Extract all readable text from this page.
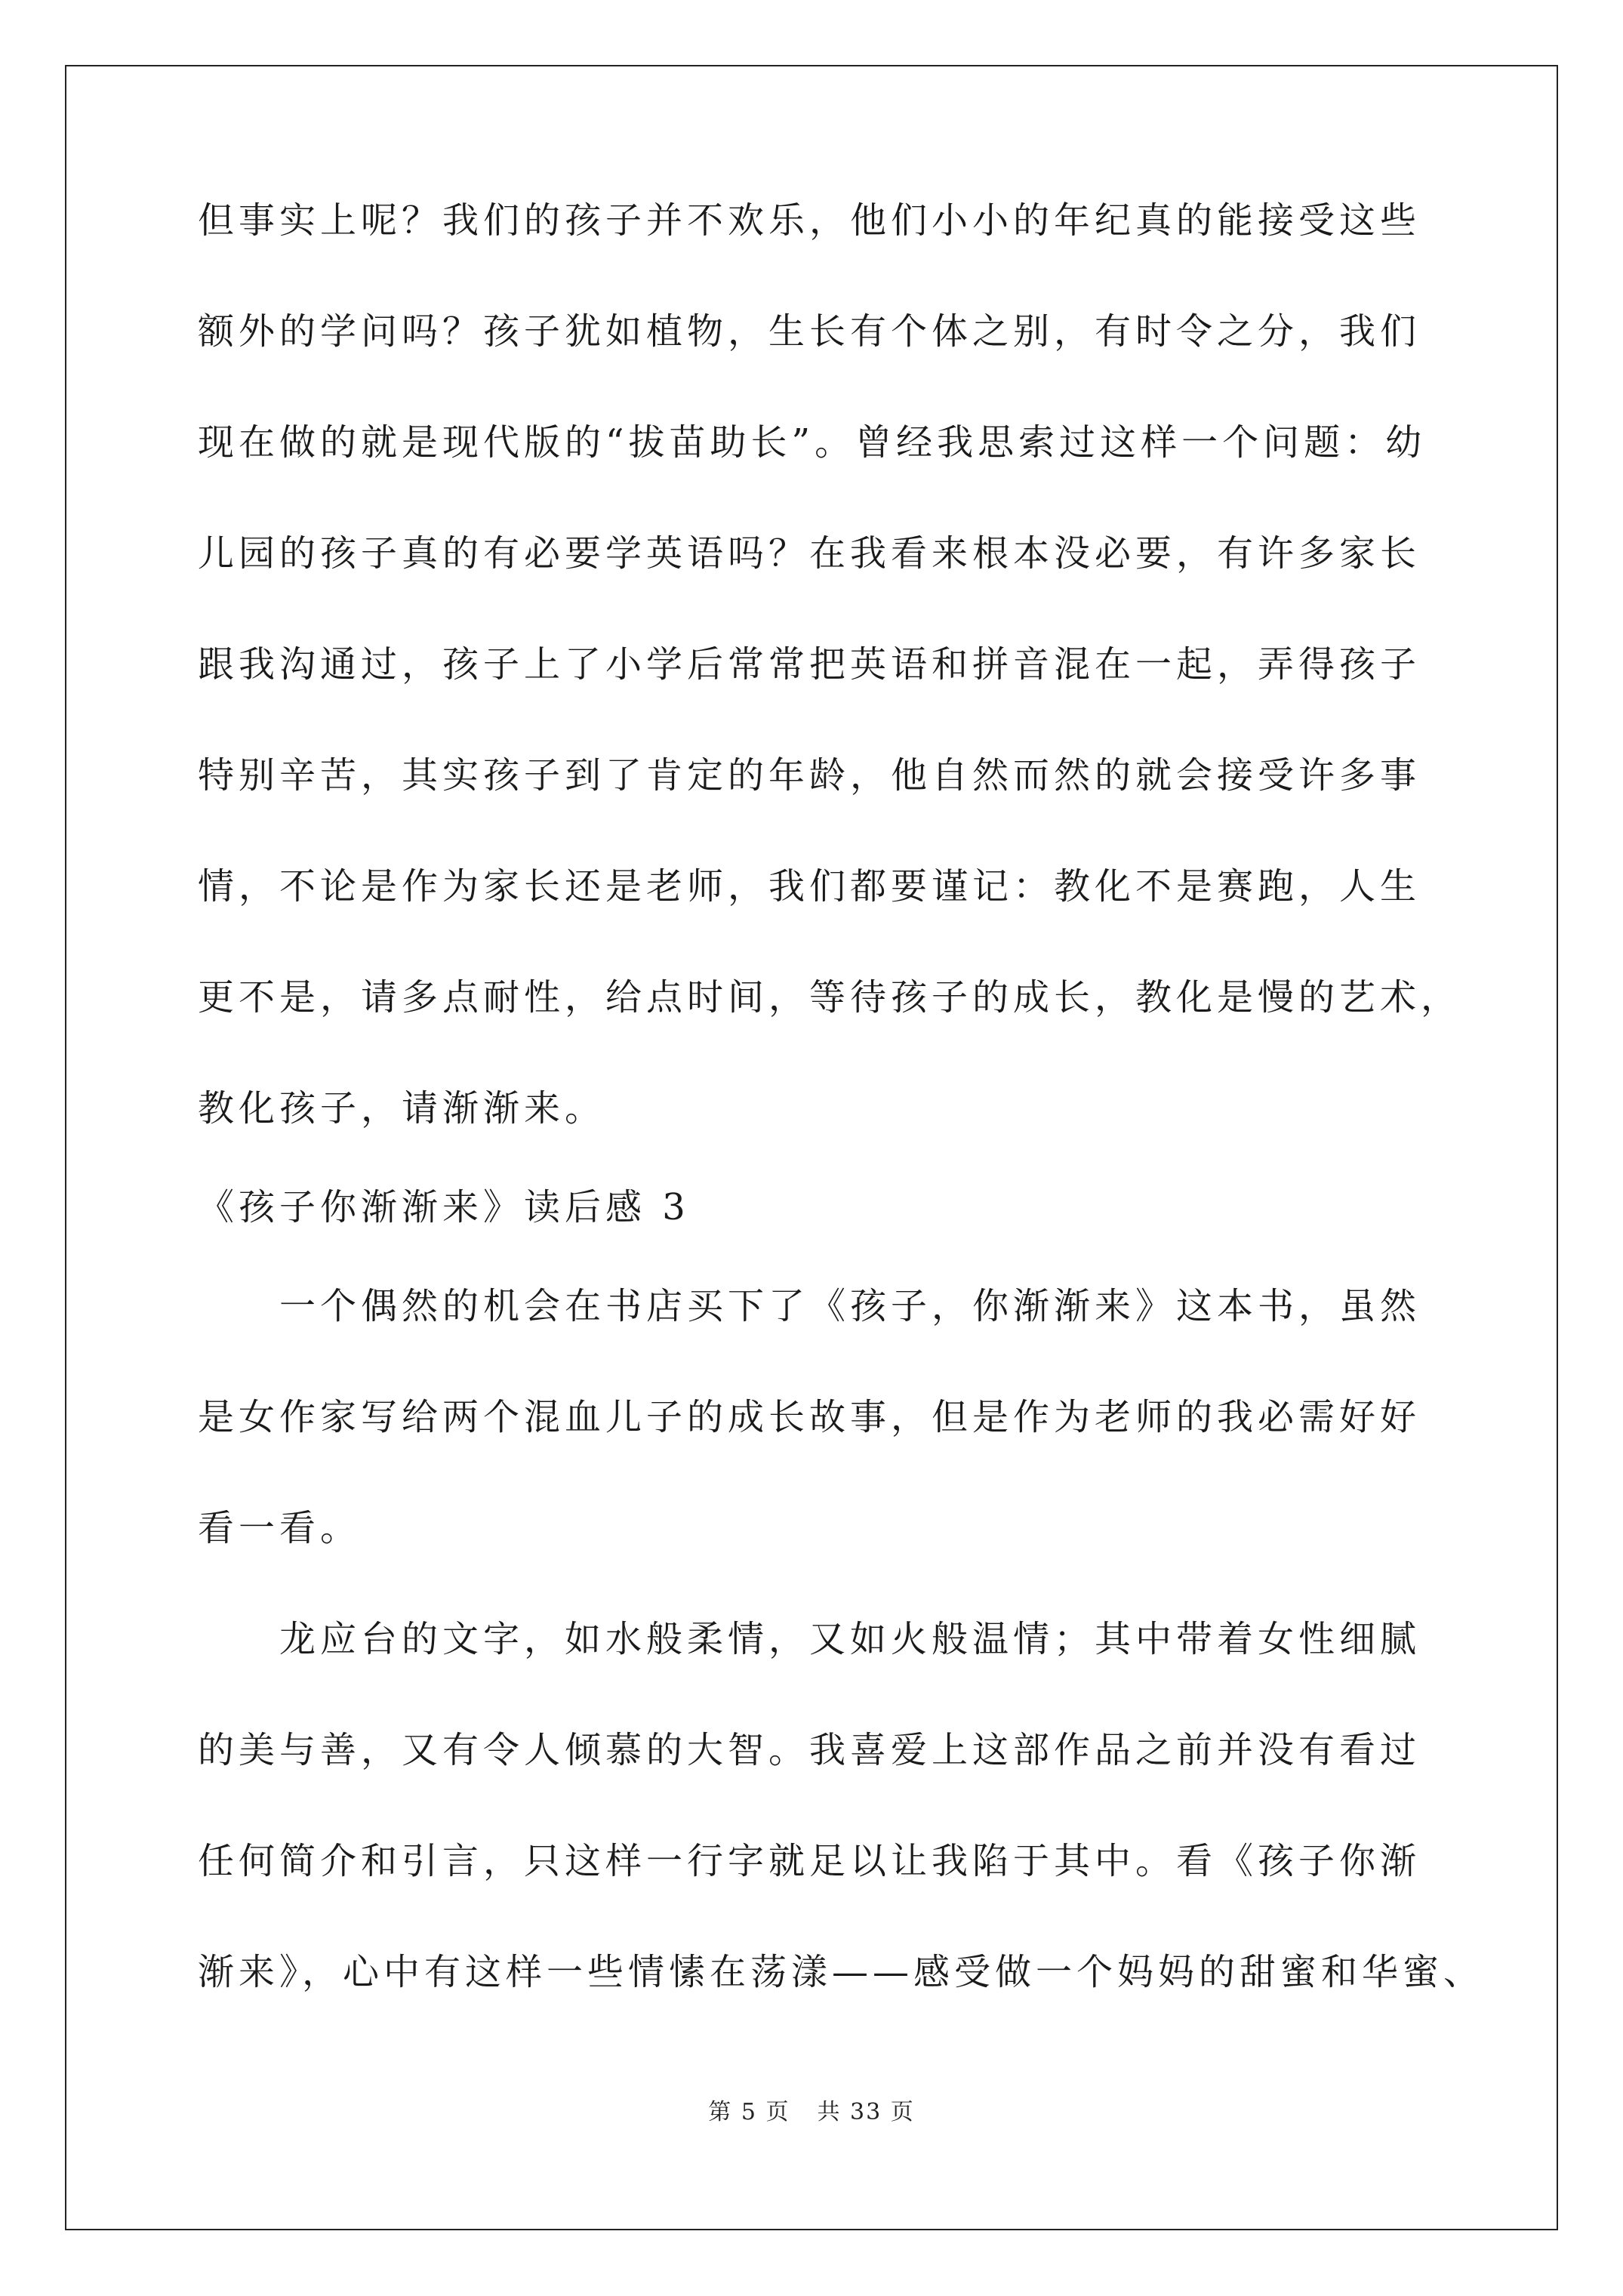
但事实上呢？我们的孩子并不欢乐，他们小小的年纪真的能接受这些
额外的学问吗？孩子犹如植物，生长有个体之别，有时令之分，我们
现在做的就是现代版的“拔苗助长”。曾经我思索过这样一个问题：幼
儿园的孩子真的有必要学英语吗？在我看来根本没必要，有许多家长
跟我沟通过，孩子上了小学后常常把英语和拼音混在一起，弄得孩子
特别辛苦，其实孩子到了肯定的年龄，他自然而然的就会接受许多事
情，不论是作为家长还是老师，我们都要谨记：教化不是赛跑，人生
更不是，请多点耐性，给点时间，等待孩子的成长，教化是慢的艺术，
教化孩子，请渐渐来。
《孩子你渐渐来》读后感 3
　　一个偶然的机会在书店买下了《孩子，你渐渐来》这本书，虽然
是女作家写给两个混血儿子的成长故事，但是作为老师的我必需好好
看一看。
　　龙应台的文字，如水般柔情，又如火般温情；其中带着女性细腻
的美与善，又有令人倾慕的大智。我喜爱上这部作品之前并没有看过
任何简介和引言，只这样一行字就足以让我陷于其中。看《孩子你渐
渐来》，心中有这样一些情愫在荡漾——感受做一个妈妈的甜蜜和华蜜、
第 5 页 共 33 页
